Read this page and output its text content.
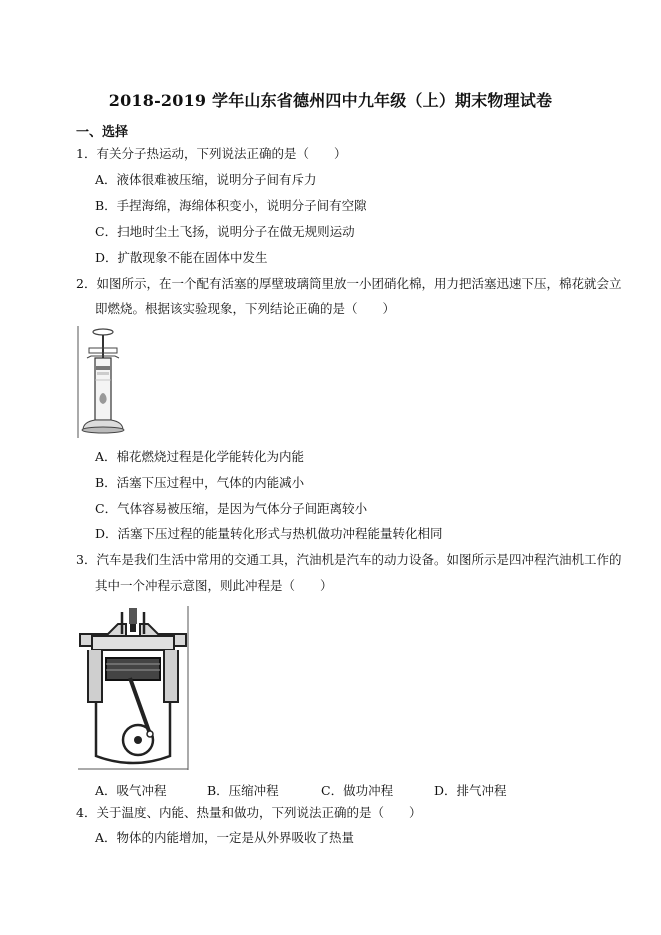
2018-2019 学年山东省德州四中九年级（上）期末物理试卷
一、选择
1．有关分子热运动，下列说法正确的是（　　）
A．液体很难被压缩，说明分子间有斥力
B．手捏海绵，海绵体积变小，说明分子间有空隙
C．扫地时尘土飞扬，说明分子在做无规则运动
D．扩散现象不能在固体中发生
2．如图所示，在一个配有活塞的厚壁玻璃筒里放一小团硝化棉，用力把活塞迅速下压，棉花就会立
即燃烧。根据该实验现象，下列结论正确的是（　　）
A．棉花燃烧过程是化学能转化为内能
B．活塞下压过程中，气体的内能减小
C．气体容易被压缩，是因为气体分子间距离较小
D．活塞下压过程的能量转化形式与热机做功冲程能量转化相同
3．汽车是我们生活中常用的交通工具，汽油机是汽车的动力设备。如图所示是四冲程汽油机工作的
其中一个冲程示意图，则此冲程是（　　）
A．吸气冲程	B．压缩冲程	C．做功冲程	D．排气冲程
4．关于温度、内能、热量和做功，下列说法正确的是（　　）
A．物体的内能增加，一定是从外界吸收了热量
